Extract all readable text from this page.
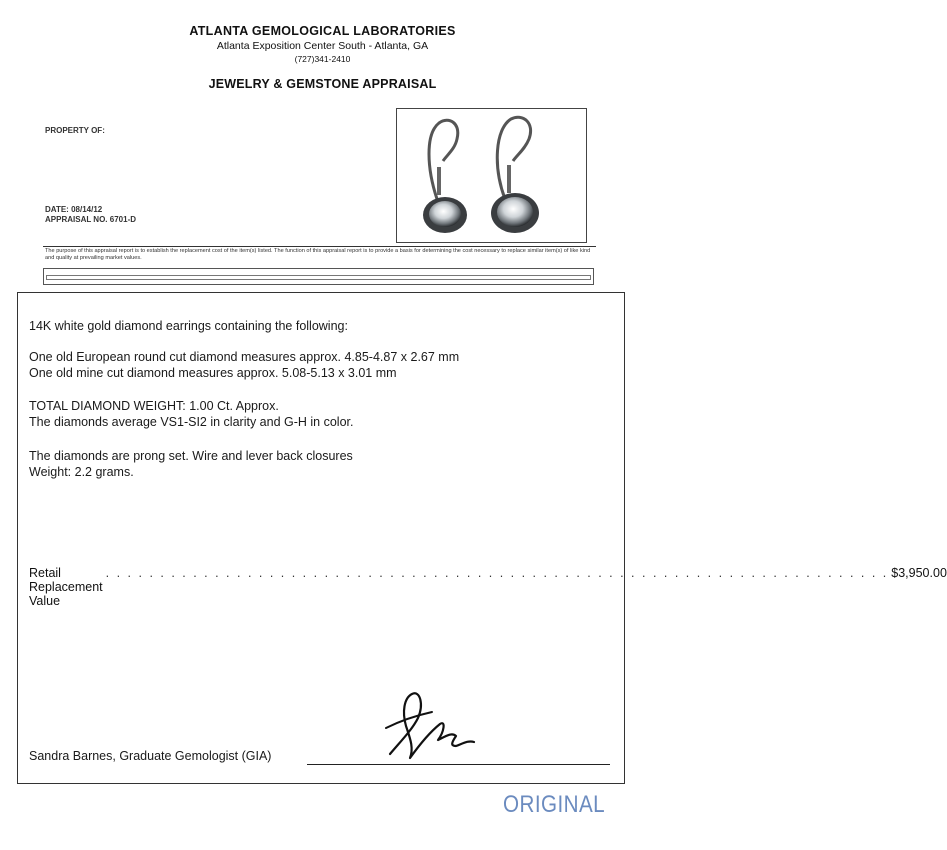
ATLANTA GEMOLOGICAL LABORATORIES
Atlanta Exposition Center South - Atlanta, GA
(727)341-2410
JEWELRY & GEMSTONE APPRAISAL
PROPERTY OF:
DATE: 08/14/12
APPRAISAL NO. 6701-D
The purpose of this appraisal report is to establish the replacement cost of the item(s) listed. The function of this appraisal report is to provide a basis for determining the cost necessary to replace similar item(s) of like kind and quality at prevailing market values.
14K white gold diamond earrings containing the following:
One old European round cut diamond measures approx. 4.85-4.87 x 2.67 mm
One old mine cut diamond measures approx. 5.08-5.13 x 3.01 mm
TOTAL DIAMOND WEIGHT: 1.00 Ct. Approx.
The diamonds average VS1-SI2 in clarity and G-H in color.
The diamonds are prong set. Wire and lever back closures
Weight: 2.2 grams.
Retail Replacement Value
. . . . . . . . . . . . . . . . . . . . . . . . . . . . . . . . . . . . . . . . . . . . . . . . . . . . . . . . . . . . . . . . . . . . . . . . $3,950.00
Sandra Barnes, Graduate Gemologist (GIA)
ORIGINAL
